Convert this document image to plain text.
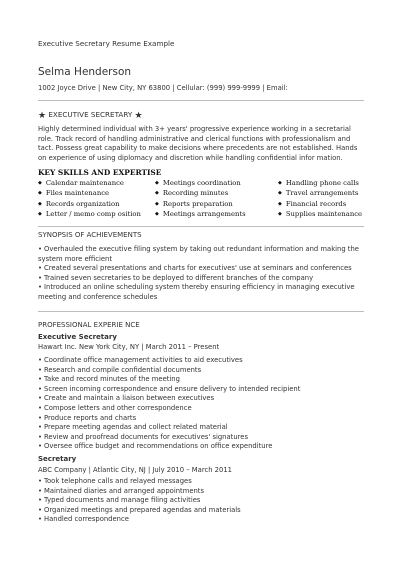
Executive Secretary Resume Example
Selma Henderson
1002 Joyce Drive | New City, NY 63800 | Cellular: (999) 999-9999 | Email:
★ EXECUTIVE SECRETARY ★
Highly determined individual with 3+ years' progressive experience working in a secretarial role. Track record of handling administrative and clerical functions with professionalism and tact. Possess great capability to make decisions where precedents are not established. Hands on experience of using diplomacy and discretion while handling confidential infor mation.
KEY SKILLS AND EXPERTISE
◆ Calendar maintenance	◆ Meetings coordination	◆ Handling phone calls
◆ Files maintenance	◆ Recording minutes	◆ Travel arrangements
◆ Records organization	◆ Reports preparation	◆ Financial records
◆ Letter / memo comp osition	◆ Meetings arrangements	◆ Supplies maintenance
SYNOPSIS OF ACHIEVEMENTS
• Overhauled the executive filing system by taking out redundant information and making the
system more efficient
• Created several presentations and charts for executives' use at seminars and conferences
• Trained seven secretaries to be deployed to different branches of the company
• Introduced an online scheduling system thereby ensuring efficiency in managing executive
meeting and conference schedules
PROFESSIONAL EXPERIE NCE
Executive Secretary
Hawart Inc. New York City, NY | March 2011 – Present
• Coordinate office management activities to aid executives
• Research and compile confidential documents
• Take and record minutes of the meeting
• Screen incoming correspondence and ensure delivery to intended recipient
• Create and maintain a liaison between executives
• Compose letters and other correspondence
• Produce reports and charts
• Prepare meeting agendas and collect related material
• Review and proofread documents for executives' signatures
• Oversee office budget and recommendations on office expenditure
Secretary
ABC Company | Atlantic City, NJ | July 2010 – March 2011
• Took telephone calls and relayed messages
• Maintained diaries and arranged appointments
• Typed documents and manage filing activities
• Organized meetings and prepared agendas and materials
• Handled correspondence
